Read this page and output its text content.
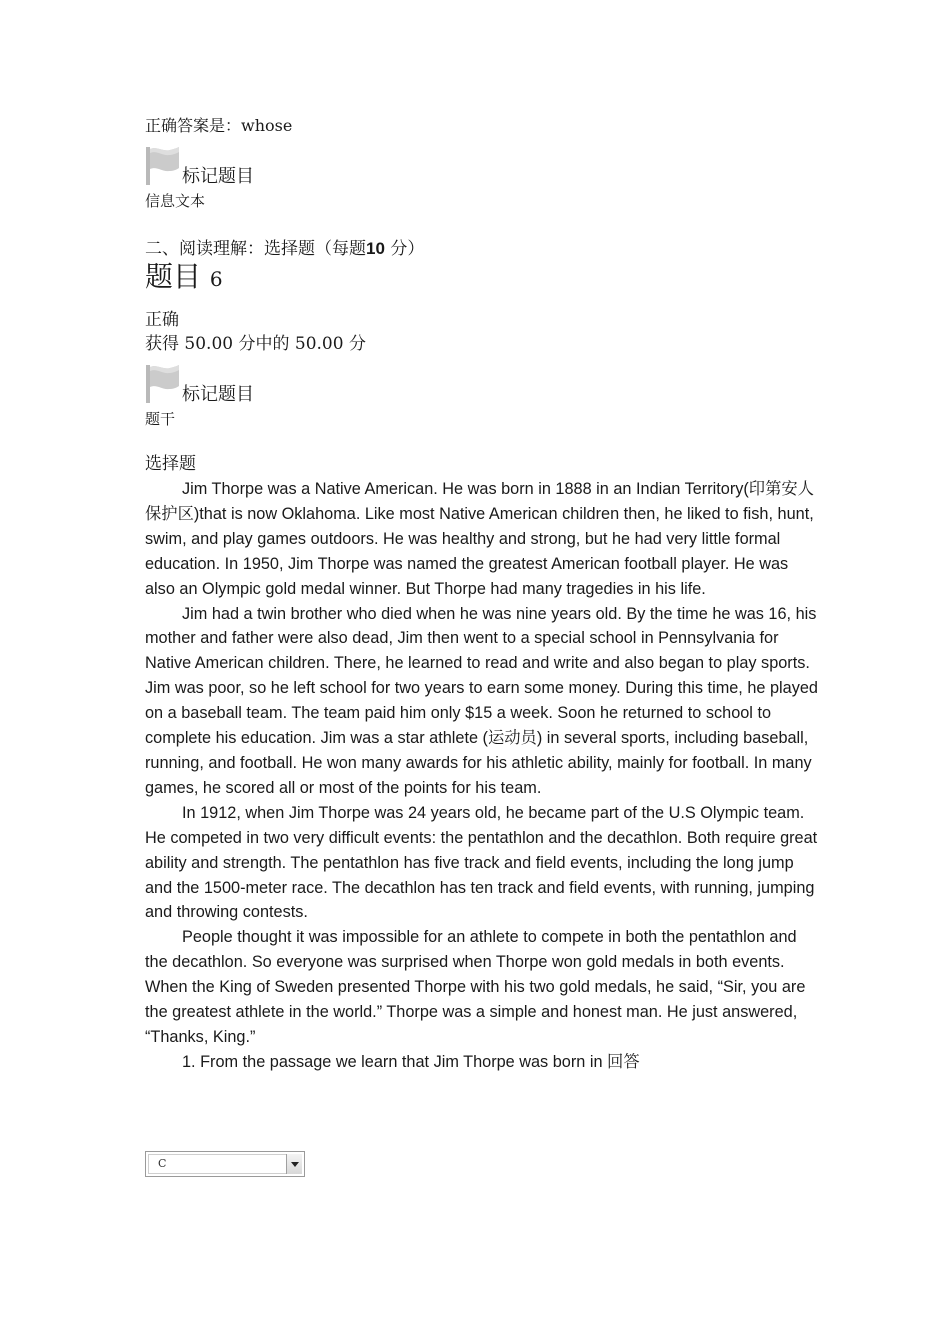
正确答案是：whose
标记题目
信息文本
二、阅读理解：选择题（每题10 分）
题目 6
正确
获得 50.00 分中的 50.00 分
标记题目
题干
选择题

Jim Thorpe was a Native American. He was born in 1888 in an Indian Territory(印第安人保护区)that is now Oklahoma. Like most Native American children then, he liked to fish, hunt, swim, and play games outdoors. He was healthy and strong, but he had very little formal education. In 1950, Jim Thorpe was named the greatest American football player. He was also an Olympic gold medal winner. But Thorpe had many tragedies in his life.

Jim had a twin brother who died when he was nine years old. By the time he was 16, his mother and father were also dead, Jim then went to a special school in Pennsylvania for Native American children. There, he learned to read and write and also began to play sports. Jim was poor, so he left school for two years to earn some money. During this time, he played on a baseball team. The team paid him only $15 a week. Soon he returned to school to complete his education. Jim was a star athlete (运动员) in several sports, including baseball, running, and football. He won many awards for his athletic ability, mainly for football. In many games, he scored all or most of the points for his team.

In 1912, when Jim Thorpe was 24 years old, he became part of the U.S Olympic team. He competed in two very difficult events: the pentathlon and the decathlon. Both require great ability and strength. The pentathlon has five track and field events, including the long jump and the 1500-meter race. The decathlon has ten track and field events, with running, jumping and throwing contests.

People thought it was impossible for an athlete to compete in both the pentathlon and the decathlon. So everyone was surprised when Thorpe won gold medals in both events. When the King of Sweden presented Thorpe with his two gold medals, he said, “Sir, you are the greatest athlete in the world.” Thorpe was a simple and honest man. He just answered, “Thanks, King.”

1. From the passage we learn that Jim Thorpe was born in 回答

C
